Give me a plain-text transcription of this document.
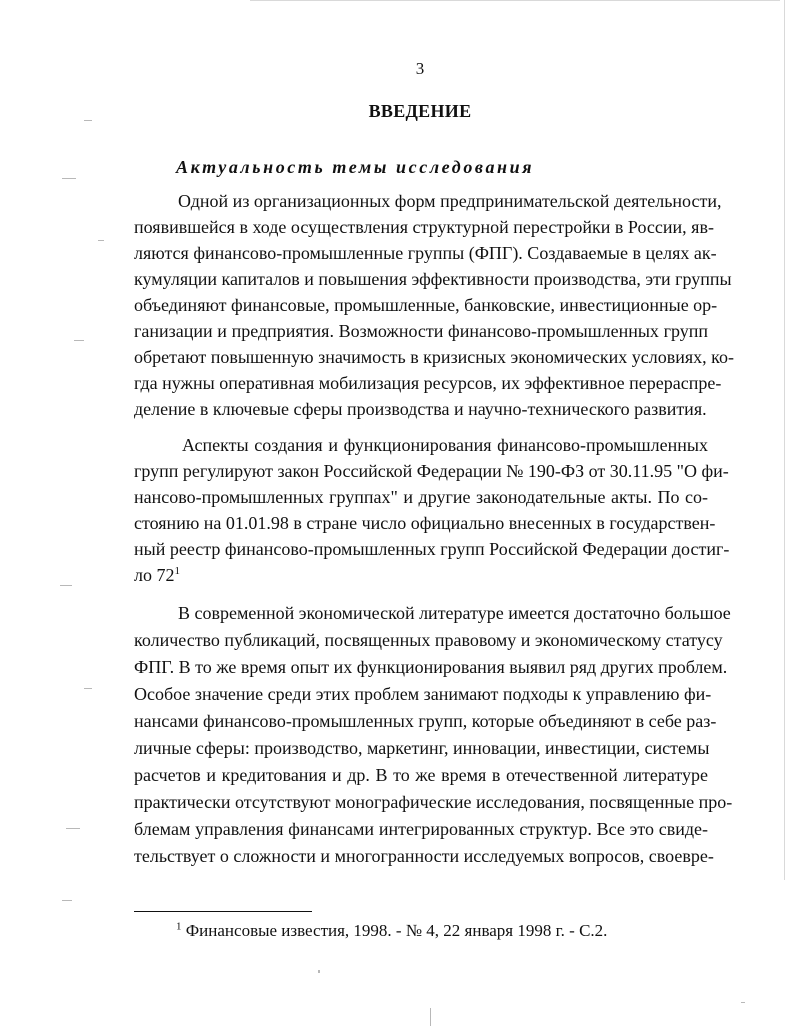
3
ВВЕДЕНИЕ
Актуальность темы исследования
Одной из организационных форм предпринимательской деятельности,
появившейся в ходе осуществления структурной перестройки в России, яв-
ляются финансово-промышленные группы (ФПГ). Создаваемые в целях ак-
кумуляции капиталов и повышения эффективности производства, эти группы
объединяют финансовые, промышленные, банковские, инвестиционные ор-
ганизации и предприятия. Возможности финансово-промышленных групп
обретают повышенную значимость в кризисных экономических условиях, ко-
гда нужны оперативная мобилизация ресурсов, их эффективное перераспре-
деление в ключевые сферы производства и научно-технического развития.
Аспекты создания и функционирования финансово-промышленных
групп регулируют закон Российской Федерации № 190-ФЗ от 30.11.95 "О фи-
нансово-промышленных группах" и другие законодательные акты. По со-
стоянию на 01.01.98 в стране число официально внесенных в государствен-
ный реестр финансово-промышленных групп Российской Федерации достиг-
ло $72^1$
В современной экономической литературе имеется достаточно большое
количество публикаций, посвященных правовому и экономическому статусу
ФПГ. В то же время опыт их функционирования выявил ряд других проблем.
Особое значение среди этих проблем занимают подходы к управлению фи-
нансами финансово-промышленных групп, которые объединяют в себе раз-
личные сферы: производство, маркетинг, инновации, инвестиции, системы
расчетов и кредитования и др. В то же время в отечественной литературе
практически отсутствуют монографические исследования, посвященные про-
блемам управления финансами интегрированных структур. Все это свиде-
тельствует о сложности и многогранности исследуемых вопросов, своевре-
$^1$ Финансовые известия, 1998. - № 4, 22 января 1998 г. - С.2.
